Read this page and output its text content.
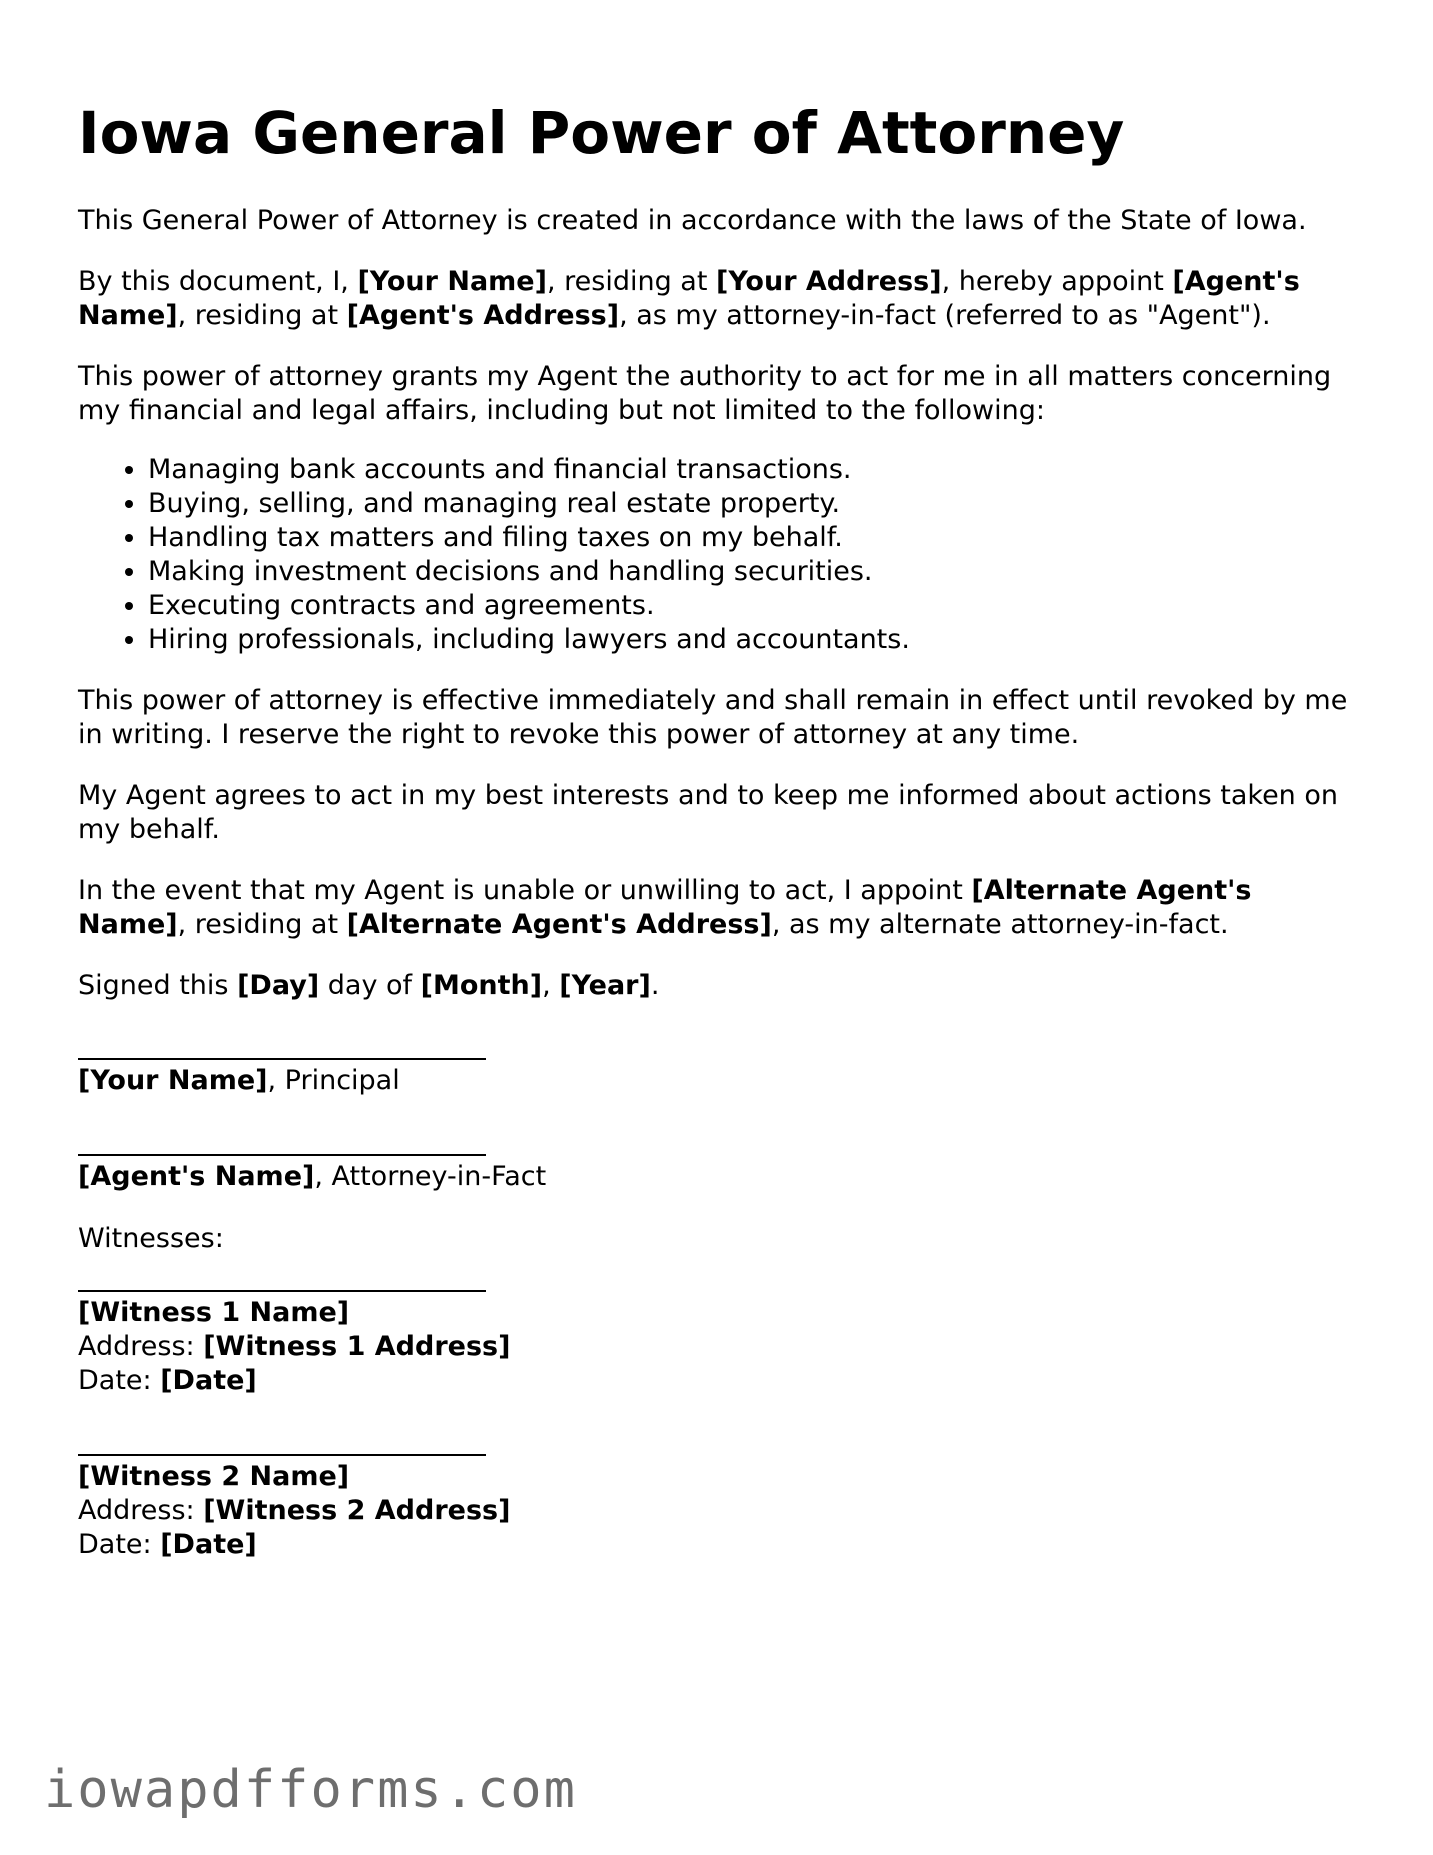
Iowa General Power of Attorney

This General Power of Attorney is created in accordance with the laws of the State of Iowa.

By this document, I, [Your Name], residing at [Your Address], hereby appoint [Agent's Name], residing at [Agent's Address], as my attorney-in-fact (referred to as "Agent").

This power of attorney grants my Agent the authority to act for me in all matters concerning my financial and legal affairs, including but not limited to the following:

• Managing bank accounts and financial transactions.
• Buying, selling, and managing real estate property.
• Handling tax matters and filing taxes on my behalf.
• Making investment decisions and handling securities.
• Executing contracts and agreements.
• Hiring professionals, including lawyers and accountants.

This power of attorney is effective immediately and shall remain in effect until revoked by me in writing. I reserve the right to revoke this power of attorney at any time.

My Agent agrees to act in my best interests and to keep me informed about actions taken on my behalf.

In the event that my Agent is unable or unwilling to act, I appoint [Alternate Agent's Name], residing at [Alternate Agent's Address], as my alternate attorney-in-fact.

Signed this [Day] day of [Month], [Year].

[Your Name], Principal
[Agent's Name], Attorney-in-Fact
Witnesses:
[Witness 1 Name]
Address: [Witness 1 Address]
Date: [Date]
[Witness 2 Name]
Address: [Witness 2 Address]
Date: [Date]
iowapdfforms.com
